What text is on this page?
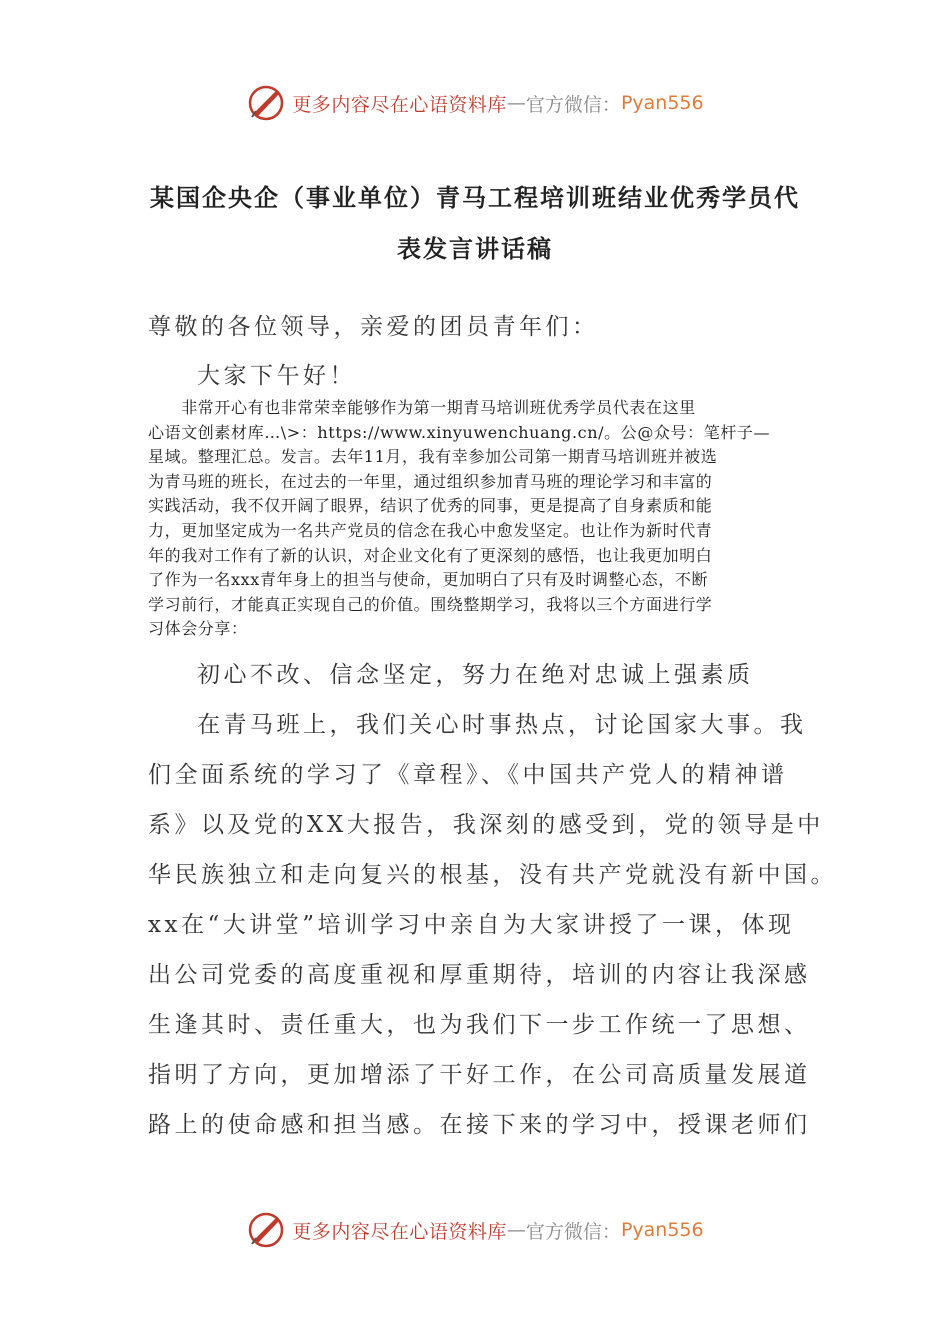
更多内容尽在心语资料库 — 官方微信： Pyan556
某国企央企（事业单位）青马工程培训班结业优秀学员代
表发言讲话稿
尊敬的各位领导，亲爱的团员青年们：
大家下午好！

　　非常开心有也非常荣幸能够作为第一期青马培训班优秀学员代表在这里

心语文创素材库…\>：https://www.xinyuwenchuang.cn/。公@众号：笔杆子—

星域。整理汇总。发言。去年11月，我有幸参加公司第一期青马培训班并被选

为青马班的班长，在过去的一年里，通过组织参加青马班的理论学习和丰富的

实践活动，我不仅开阔了眼界，结识了优秀的同事，更是提高了自身素质和能

力，更加坚定成为一名共产党员的信念在我心中愈发坚定。也让作为新时代青

年的我对工作有了新的认识，对企业文化有了更深刻的感悟，也让我更加明白

了作为一名xxx青年身上的担当与使命，更加明白了只有及时调整心态，不断

学习前行，才能真正实现自己的价值。围绕整期学习，我将以三个方面进行学

习体会分享：

初心不改、信念坚定，努力在绝对忠诚上强素质
在青马班上，我们关心时事热点，讨论国家大事。我
们全面系统的学习了《章程》、《中国共产党人的精神谱
系》以及党的XX大报告，我深刻的感受到，党的领导是中
华民族独立和走向复兴的根基，没有共产党就没有新中国。
xx在“大讲堂”培训学习中亲自为大家讲授了一课，体现
出公司党委的高度重视和厚重期待，培训的内容让我深感
生逢其时、责任重大，也为我们下一步工作统一了思想、
指明了方向，更加增添了干好工作，在公司高质量发展道
路上的使命感和担当感。在接下来的学习中，授课老师们
更多内容尽在心语资料库 — 官方微信： Pyan556
